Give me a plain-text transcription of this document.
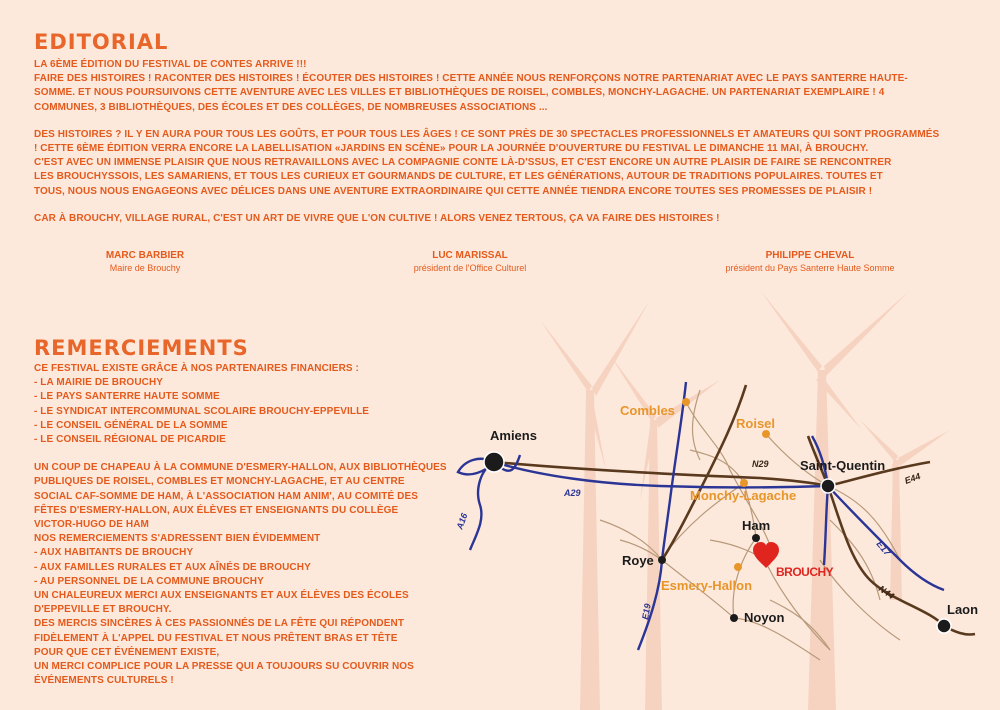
EDITORIAL

LA 6ÈME ÉDITION DU FESTIVAL DE CONTES ARRIVE !!!
FAIRE DES HISTOIRES ! RACONTER DES HISTOIRES ! ÉCOUTER DES HISTOIRES ! CETTE ANNÉE NOUS RENFORÇONS NOTRE PARTENARIAT AVEC LE PAYS SANTERRE HAUTE-
SOMME. ET NOUS POURSUIVONS CETTE AVENTURE AVEC LES VILLES ET BIBLIOTHÈQUES DE ROISEL, COMBLES, MONCHY-LAGACHE. UN PARTENARIAT EXEMPLAIRE ! 4
COMMUNES, 3 BIBLIOTHÈQUES, DES ÉCOLES ET DES COLLÈGES, DE NOMBREUSES ASSOCIATIONS ...

DES HISTOIRES ? IL Y EN AURA POUR TOUS LES GOÛTS, ET POUR TOUS LES ÂGES ! CE SONT PRÈS DE 30 SPECTACLES PROFESSIONNELS ET AMATEURS QUI SONT PROGRAMMÉS
! CETTE 6ÈME ÉDITION VERRA ENCORE LA LABELLISATION «JARDINS EN SCÈNE» POUR LA JOURNÉE D'OUVERTURE DU FESTIVAL LE DIMANCHE 11 MAI, À BROUCHY.
C'EST AVEC UN IMMENSE PLAISIR QUE NOUS RETRAVAILLONS AVEC LA COMPAGNIE CONTE LÀ-D'SSUS, ET C'EST ENCORE UN AUTRE PLAISIR DE FAIRE SE RENCONTRER
LES BROUCHYSSOIS, LES SAMARIENS, ET TOUS LES CURIEUX ET GOURMANDS DE CULTURE, ET LES GÉNÉRATIONS, AUTOUR DE TRADITIONS POPULAIRES. TOUTES ET
TOUS, NOUS NOUS ENGAGEONS AVEC DÉLICES DANS UNE AVENTURE EXTRAORDINAIRE QUI CETTE ANNÉE TIENDRA ENCORE TOUTES SES PROMESSES DE PLAISIR !

CAR À BROUCHY, VILLAGE RURAL, C'EST UN ART DE VIVRE QUE L'ON CULTIVE ! ALORS VENEZ TERTOUS, ÇA VA FAIRE DES HISTOIRES !

MARC BARBIER
Maire de Brouchy
LUC MARISSAL
président de l'Office Culturel
PHILIPPE CHEVAL
président du Pays Santerre Haute Somme
REMERCIEMENTS

CE FESTIVAL EXISTE GRÂCE À NOS PARTENAIRES FINANCIERS :
- LA MAIRIE DE BROUCHY
- LE PAYS SANTERRE HAUTE SOMME
- LE SYNDICAT INTERCOMMUNAL SCOLAIRE BROUCHY-EPPEVILLE
- LE CONSEIL GÉNÉRAL DE LA SOMME
- LE CONSEIL RÉGIONAL DE PICARDIE

UN COUP DE CHAPEAU À LA COMMUNE D'ESMERY-HALLON, AUX BIBLIOTHÈQUES
PUBLIQUES DE ROISEL, COMBLES ET MONCHY-LAGACHE, ET AU CENTRE
SOCIAL CAF-SOMME DE HAM, À L'ASSOCIATION HAM ANIM', AU COMITÉ DES
FÊTES D'ESMERY-HALLON, AUX ÉLÈVES ET ENSEIGNANTS DU COLLÈGE
VICTOR-HUGO DE HAM
NOS REMERCIEMENTS S'ADRESSENT BIEN ÉVIDEMMENT
- AUX HABITANTS DE BROUCHY
- AUX FAMILLES RURALES ET AUX AÎNÉS DE BROUCHY
- AU PERSONNEL DE LA COMMUNE BROUCHY
UN CHALEUREUX MERCI AUX ENSEIGNANTS ET AUX ÉLÈVES DES ÉCOLES
D'EPPEVILLE ET BROUCHY.
DES MERCIS SINCÈRES À CES PASSIONNÉS DE LA FÊTE QUI RÉPONDENT
FIDÈLEMENT À L'APPEL DU FESTIVAL ET NOUS PRÊTENT BRAS ET TÊTE
POUR QUE CET ÉVÉNEMENT EXISTE,
UN MERCI COMPLICE POUR LA PRESSE QUI A TOUJOURS SU COUVRIR NOS
ÉVÉNEMENTS CULTURELS !

A29
N29
A16
E44
E17
N44
E19
Amiens
Saint-Quentin
Ham
Roye
Noyon
Laon
Combles
Roisel
Monchy-Lagache
Esmery-Hallon
BROUCHY
